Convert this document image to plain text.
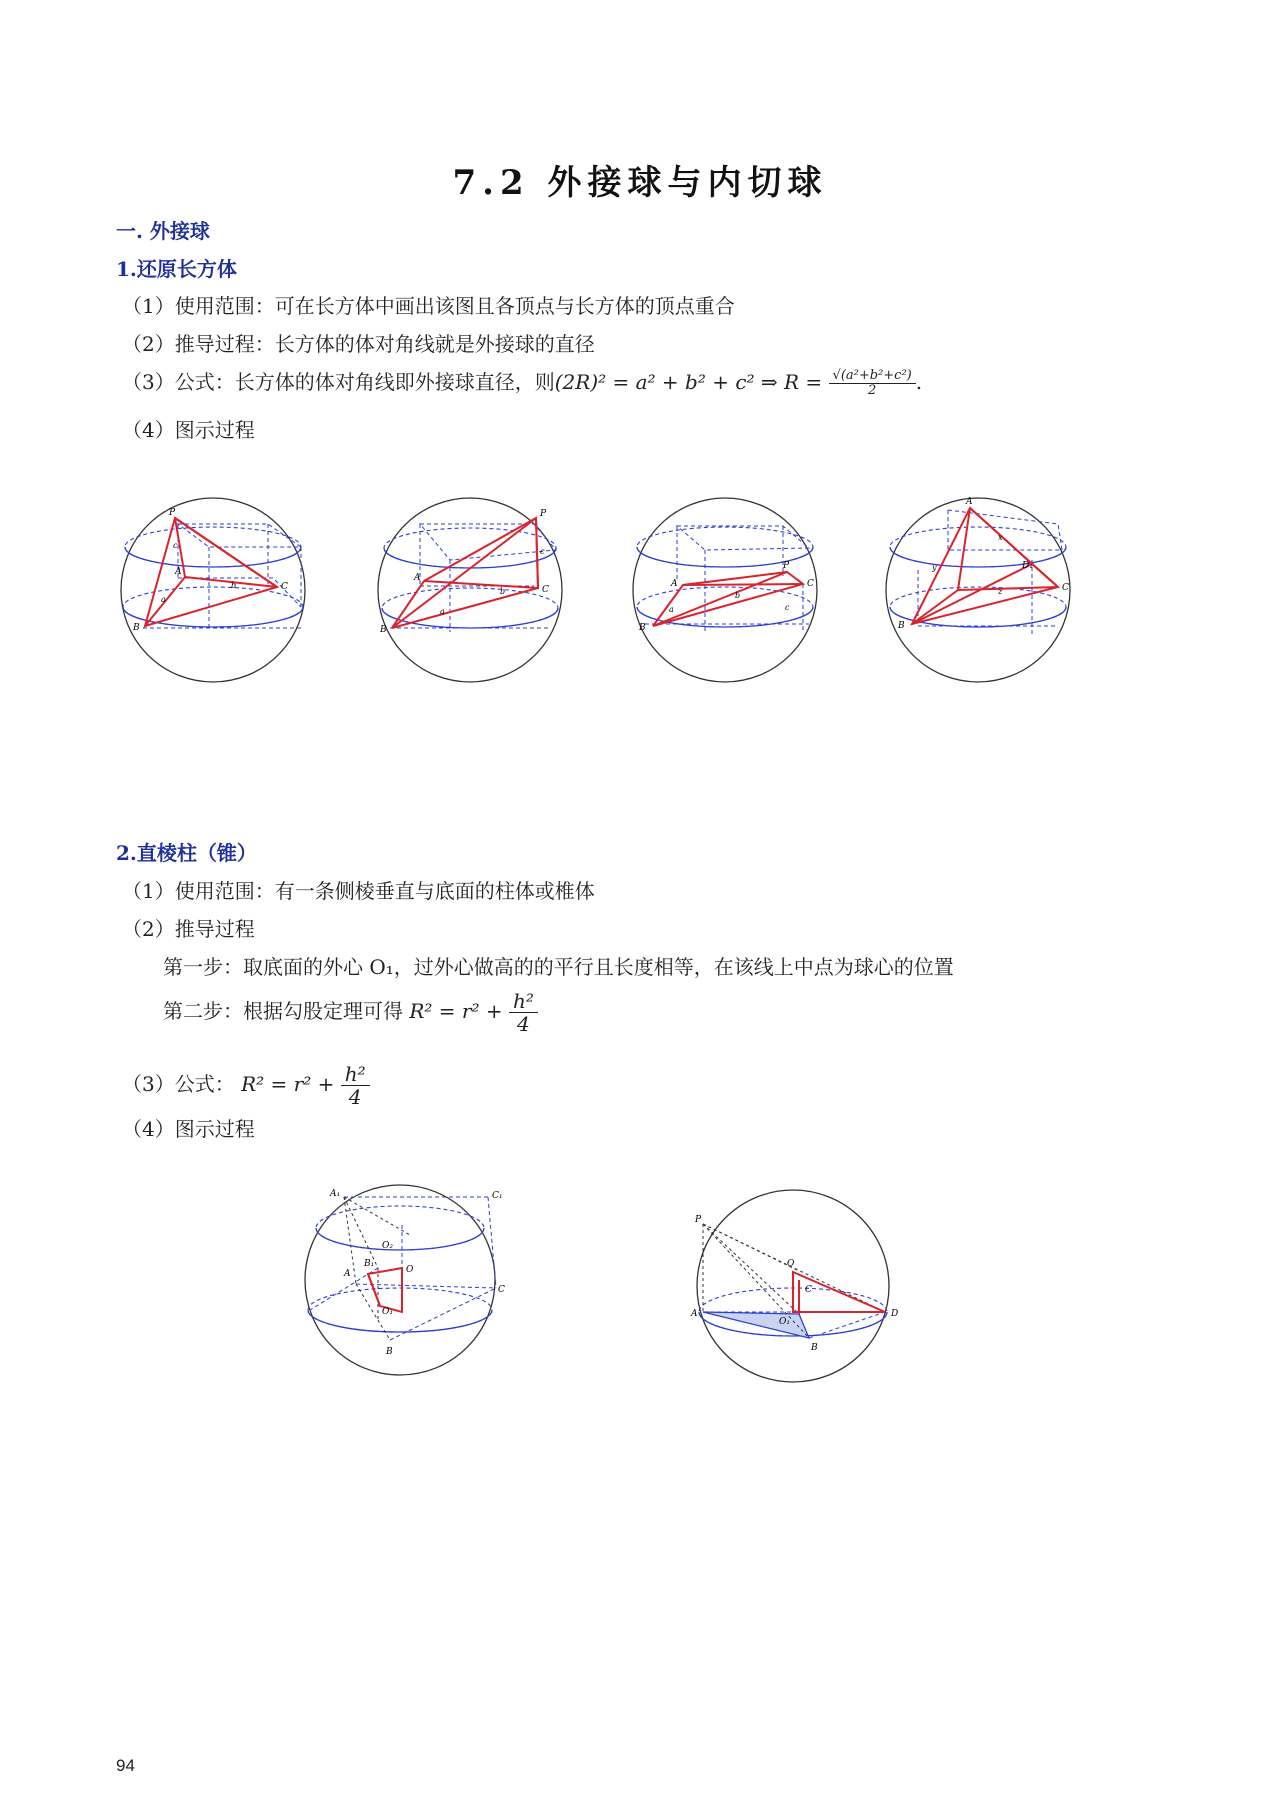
7.2 外接球与内切球
一. 外接球
1.还原长方体
（1）使用范围：可在长方体中画出该图且各顶点与长方体的顶点重合
（2）推导过程：长方体的体对角线就是外接球的直径
（3）公式：长方体的体对角线即外接球直径，则(2R)² = a² + b² + c² ⇒ $R = \frac{\text{√(a²+b²+c²)}}{2}$ .
（4）图示过程
P
A
B
C
a
b
c
P
A
B
C
a
b
c
P
A
B
C
a
b
c
A
D₁
B
C
x
y
z
2.直棱柱（锥）
（1）使用范围：有一条侧棱垂直与底面的柱体或椎体
（2）推导过程
第一步：取底面的外心 O₁，过外心做高的的平行且长度相等，在该线上中点为球心的位置
第二步：根据勾股定理可得 $R^2 = r^2 + \frac{\text{h²}}{4}$
（3）公式： $R^2 = r^2 + \frac{\text{h²}}{4}$
（4）图示过程
A₁	C₁
O₂
B₁
A	O
O₁
C
B
P
O
C
A
O₁
D
B
94
